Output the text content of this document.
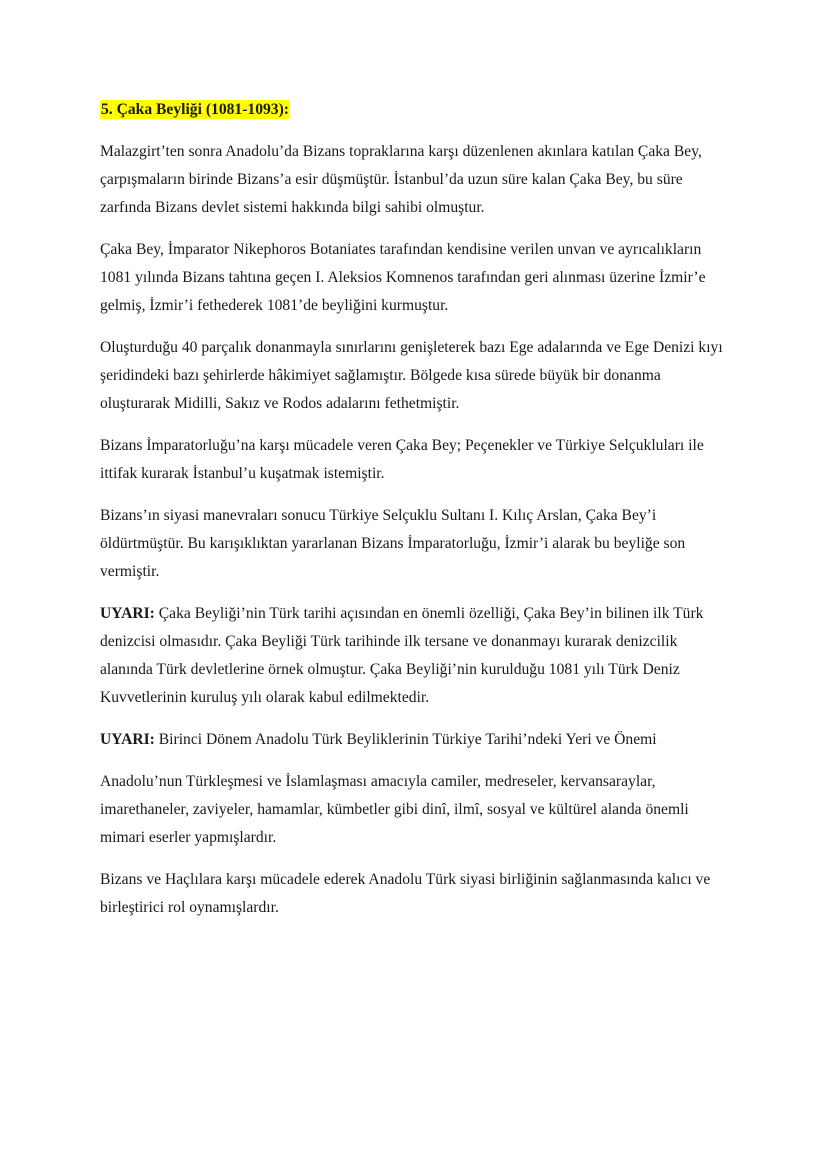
5. Çaka Beyliği (1081-1093):

Malazgirt’ten sonra Anadolu’da Bizans topraklarına karşı düzenlenen akınlara katılan Çaka Bey, çarpışmaların birinde Bizans’a esir düşmüştür. İstanbul’da uzun süre kalan Çaka Bey, bu süre zarfında Bizans devlet sistemi hakkında bilgi sahibi olmuştur.

Çaka Bey, İmparator Nikephoros Botaniates tarafından kendisine verilen unvan ve ayrıcalıkların 1081 yılında Bizans tahtına geçen I. Aleksios Komnenos tarafından geri alınması üzerine İzmir’e gelmiş, İzmir’i fethederek 1081’de beyliğini kurmuştur.

Oluşturduğu 40 parçalık donanmayla sınırlarını genişleterek bazı Ege adalarında ve Ege Denizi kıyı şeridindeki bazı şehirlerde hâkimiyet sağlamıştır. Bölgede kısa sürede büyük bir donanma oluşturarak Midilli, Sakız ve Rodos adalarını fethetmiştir.

Bizans İmparatorluğu’na karşı mücadele veren Çaka Bey; Peçenekler ve Türkiye Selçukluları ile ittifak kurarak İstanbul’u kuşatmak istemiştir.

Bizans’ın siyasi manevraları sonucu Türkiye Selçuklu Sultanı I. Kılıç Arslan, Çaka Bey’i öldürtmüştür. Bu karışıklıktan yararlanan Bizans İmparatorluğu, İzmir’i alarak bu beyliğe son vermiştir.

UYARI: Çaka Beyliği’nin Türk tarihi açısından en önemli özelliği, Çaka Bey’in bilinen ilk Türk denizcisi olmasıdır. Çaka Beyliği Türk tarihinde ilk tersane ve donanmayı kurarak denizcilik alanında Türk devletlerine örnek olmuştur. Çaka Beyliği’nin kurulduğu 1081 yılı Türk Deniz Kuvvetlerinin kuruluş yılı olarak kabul edilmektedir.

UYARI: Birinci Dönem Anadolu Türk Beyliklerinin Türkiye Tarihi’ndeki Yeri ve Önemi

Anadolu’nun Türkleşmesi ve İslamlaşması amacıyla camiler, medreseler, kervansaraylar, imarethaneler, zaviyeler, hamamlar, kümbetler gibi dinî, ilmî, sosyal ve kültürel alanda önemli mimari eserler yapmışlardır.

Bizans ve Haçlılara karşı mücadele ederek Anadolu Türk siyasi birliğinin sağlanmasında kalıcı ve birleştirici rol oynamışlardır.
